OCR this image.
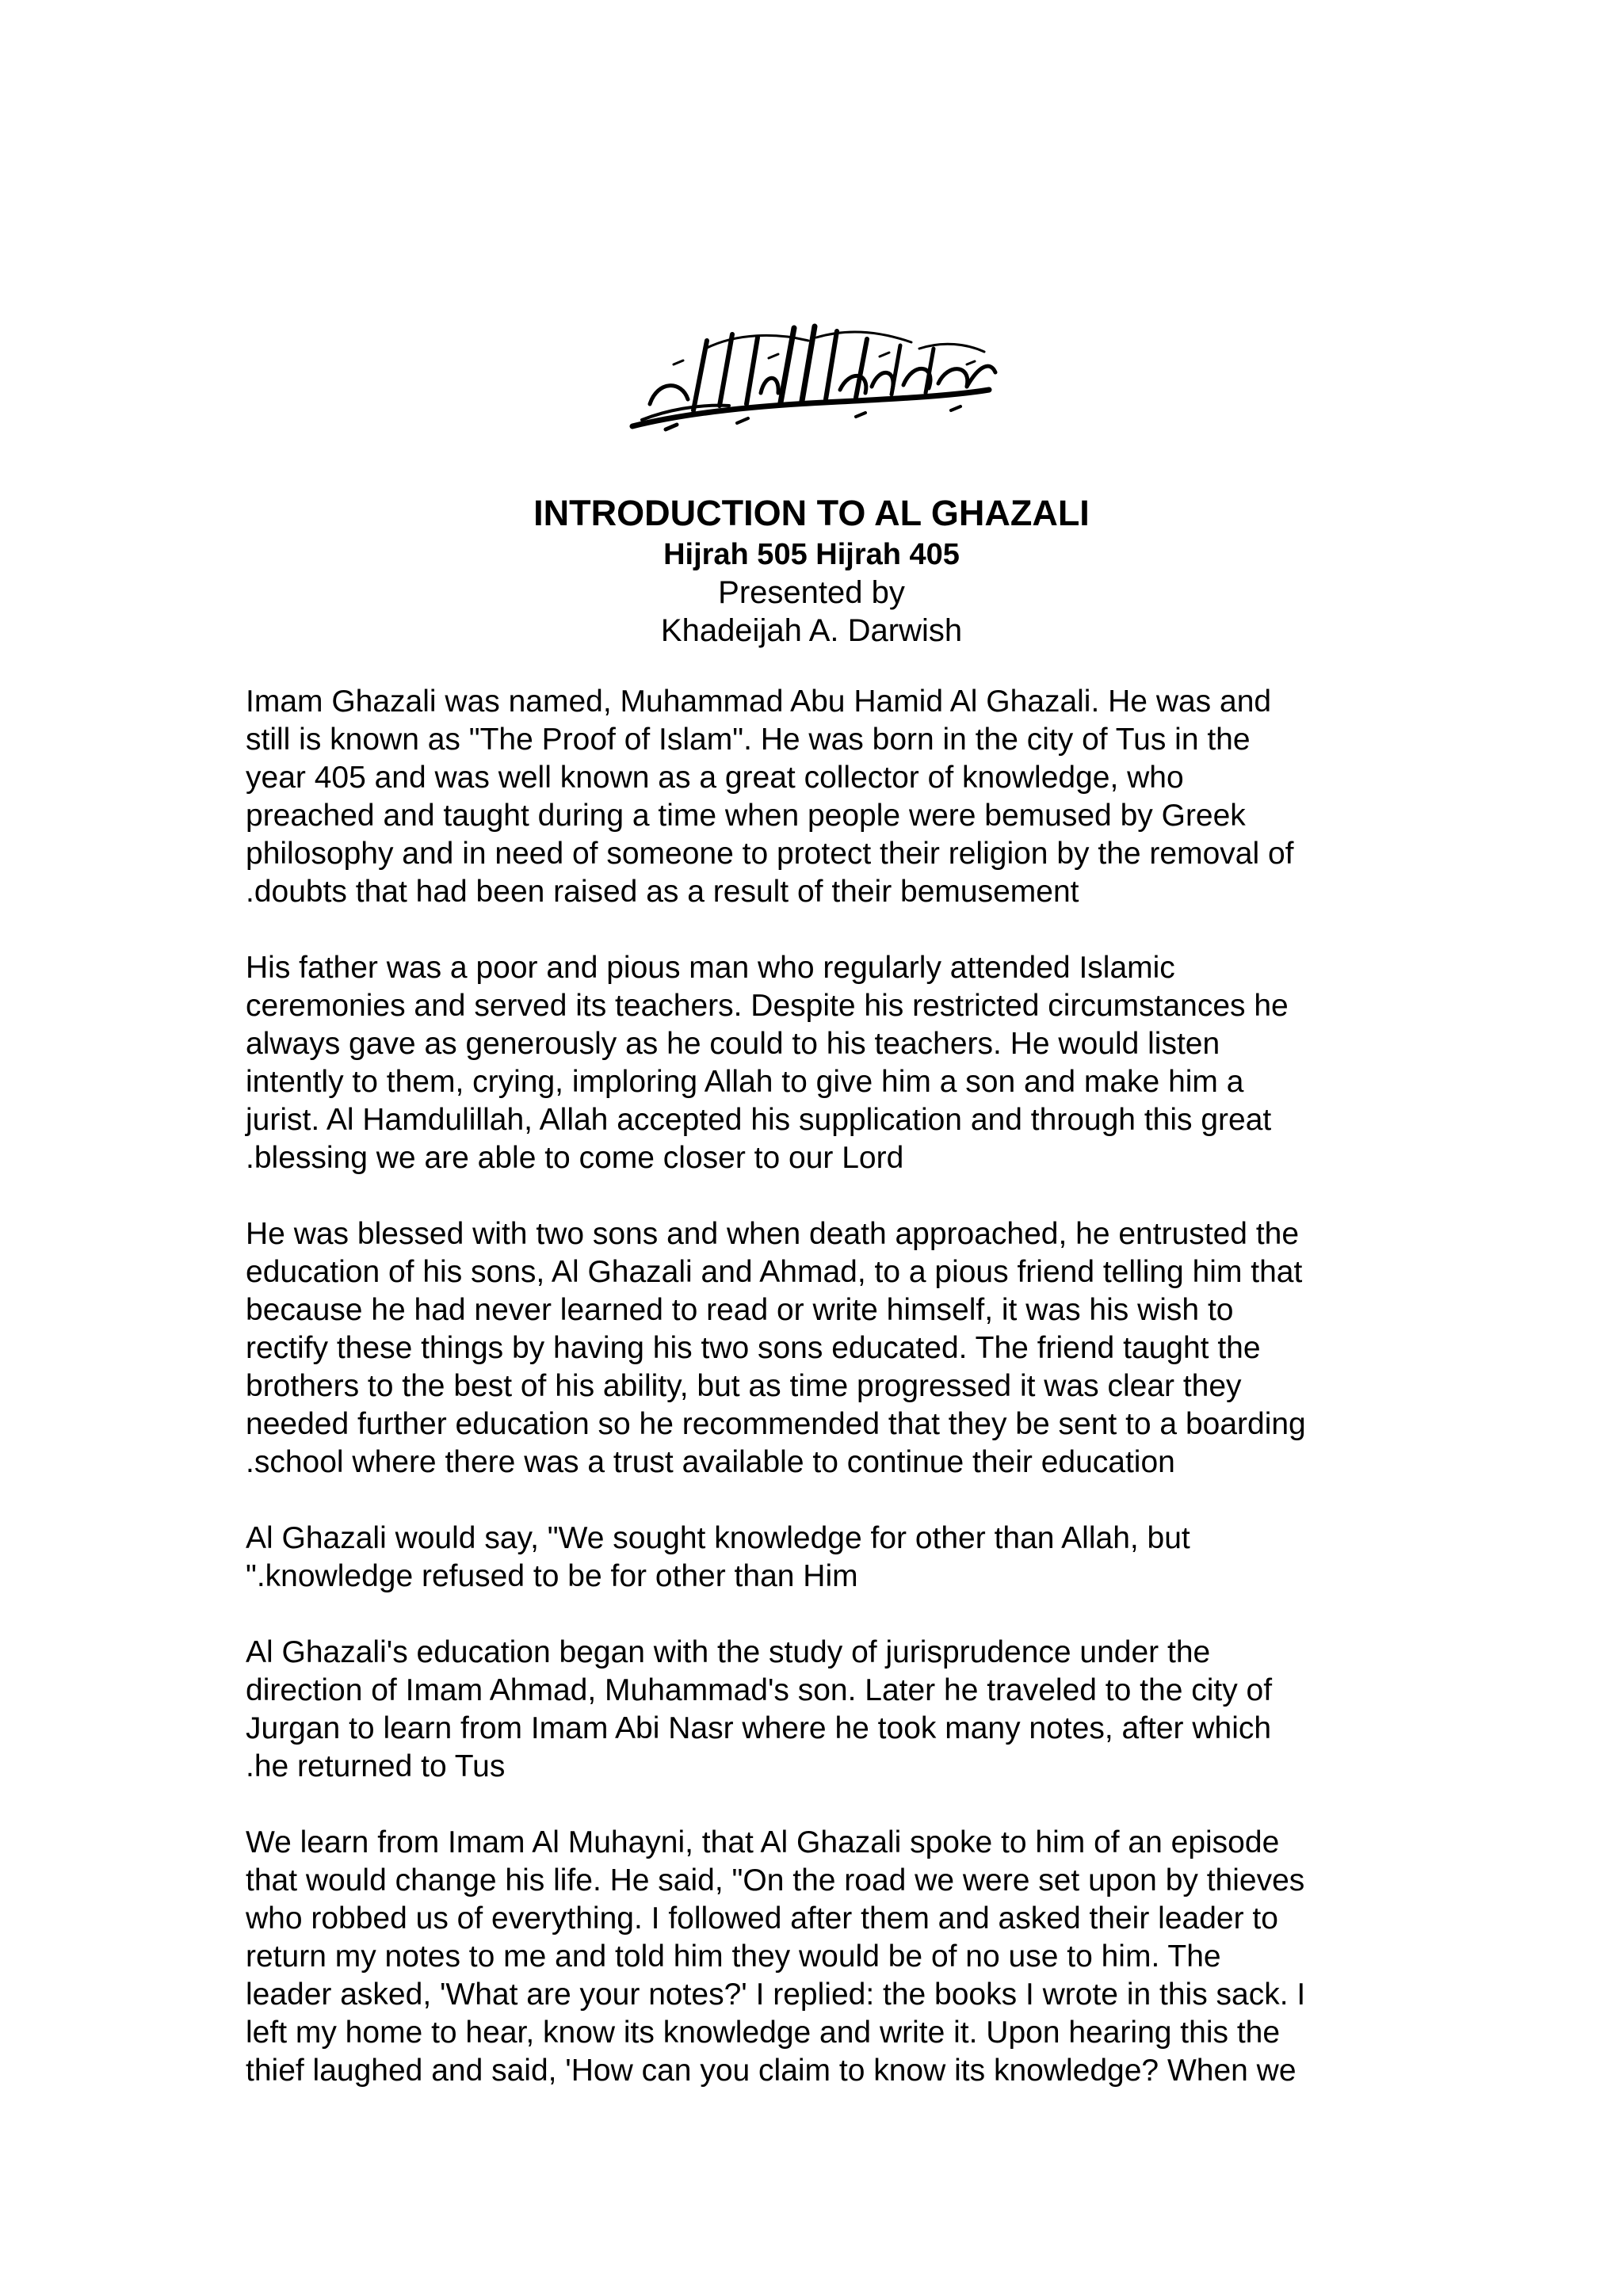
INTRODUCTION TO AL GHAZALI

Hijrah 505 Hijrah 405

Presented by

Khadeijah A. Darwish

Imam Ghazali was named, Muhammad Abu Hamid Al Ghazali. He was and

still is known as "The Proof of Islam". He was born in the city of Tus in the

year 405 and was well known as a great collector of knowledge, who

preached and taught during a time when people were bemused by Greek

philosophy and in need of someone to protect their religion by the removal of

.doubts that had been raised as a result of their bemusement

His father was a poor and pious man who regularly attended Islamic

ceremonies and served its teachers. Despite his restricted circumstances he

always gave as generously as he could to his teachers. He would listen

intently to them, crying, imploring Allah to give him a son and make him a

jurist. Al Hamdulillah, Allah accepted his supplication and through this great

.blessing we are able to come closer to our Lord

He was blessed with two sons and when death approached, he entrusted the

education of his sons, Al Ghazali and Ahmad, to a pious friend telling him that

because he had never learned to read or write himself, it was his wish to

rectify these things by having his two sons educated. The friend taught the

brothers to the best of his ability, but as time progressed it was clear they

needed further education so he recommended that they be sent to a boarding

.school where there was a trust available to continue their education

Al Ghazali would say, "We sought knowledge for other than Allah, but

".knowledge refused to be for other than Him

Al Ghazali's education began with the study of jurisprudence under the

direction of Imam Ahmad, Muhammad's son. Later he traveled to the city of

Jurgan to learn from Imam Abi Nasr where he took many notes, after which

.he returned to Tus

We learn from Imam Al Muhayni, that Al Ghazali spoke to him of an episode

that would change his life. He said, "On the road we were set upon by thieves

who robbed us of everything. I followed after them and asked their leader to

return my notes to me and told him they would be of no use to him. The

leader asked, 'What are your notes?' I replied: the books I wrote in this sack. I

left my home to hear, know its knowledge and write it. Upon hearing this the

thief laughed and said, 'How can you claim to know its knowledge? When we
